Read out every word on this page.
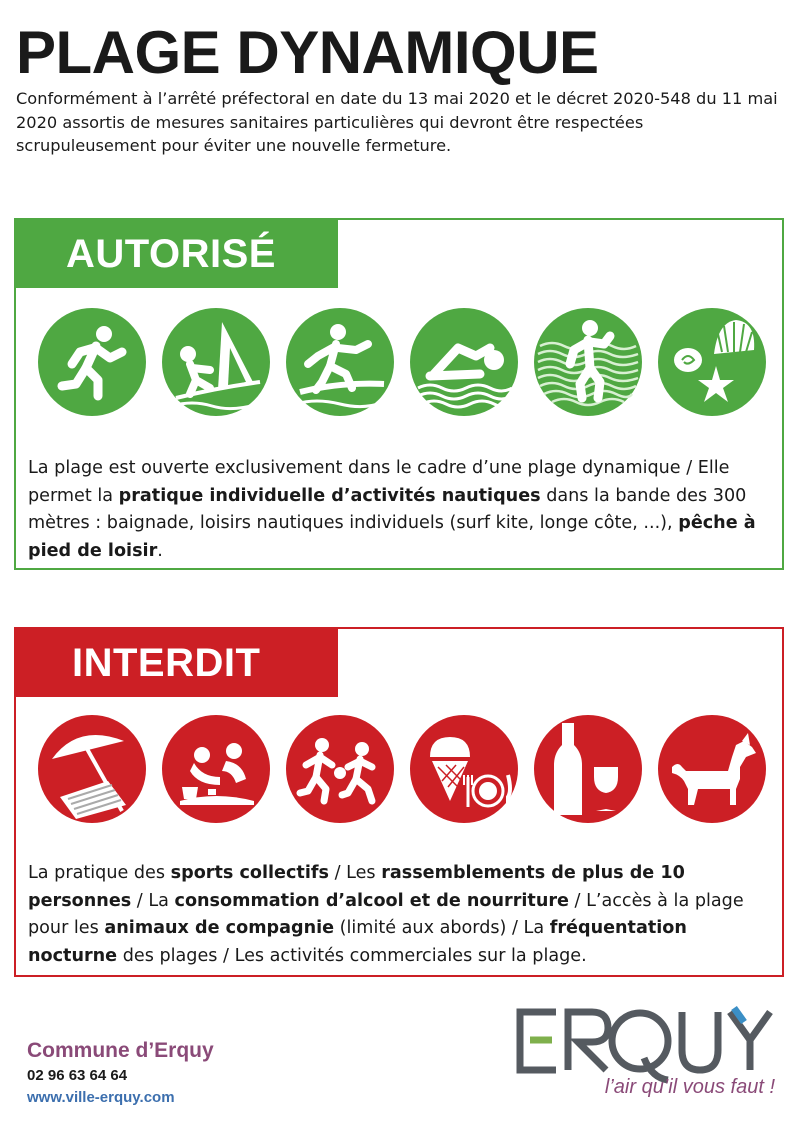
PLAGE DYNAMIQUE

Conformément à l’arrêté préfectoral en date du 13 mai 2020 et le décret 2020-548 du 11 mai 2020 assortis de mesures sanitaires particulières qui devront être respectées scrupuleusement pour éviter une nouvelle fermeture.

AUTORISÉ

La plage est ouverte exclusivement dans le cadre d’une plage dynamique / Elle permet la pratique individuelle d’activités nautiques dans la bande des 300 mètres : baignade, loisirs nautiques individuels (surf kite, longe côte, ...), pêche à pied de loisir.

INTERDIT

La pratique des sports collectifs / Les rassemblements de plus de 10 personnes / La consommation d’alcool et de nourriture / L’accès à la plage pour les animaux de compagnie (limité aux abords) / La fréquentation nocturne des plages / Les activités commerciales sur la plage.

Commune d’Erquy
02 96 63 64 64
www.ville-erquy.com	l’air qu’il vous faut !
